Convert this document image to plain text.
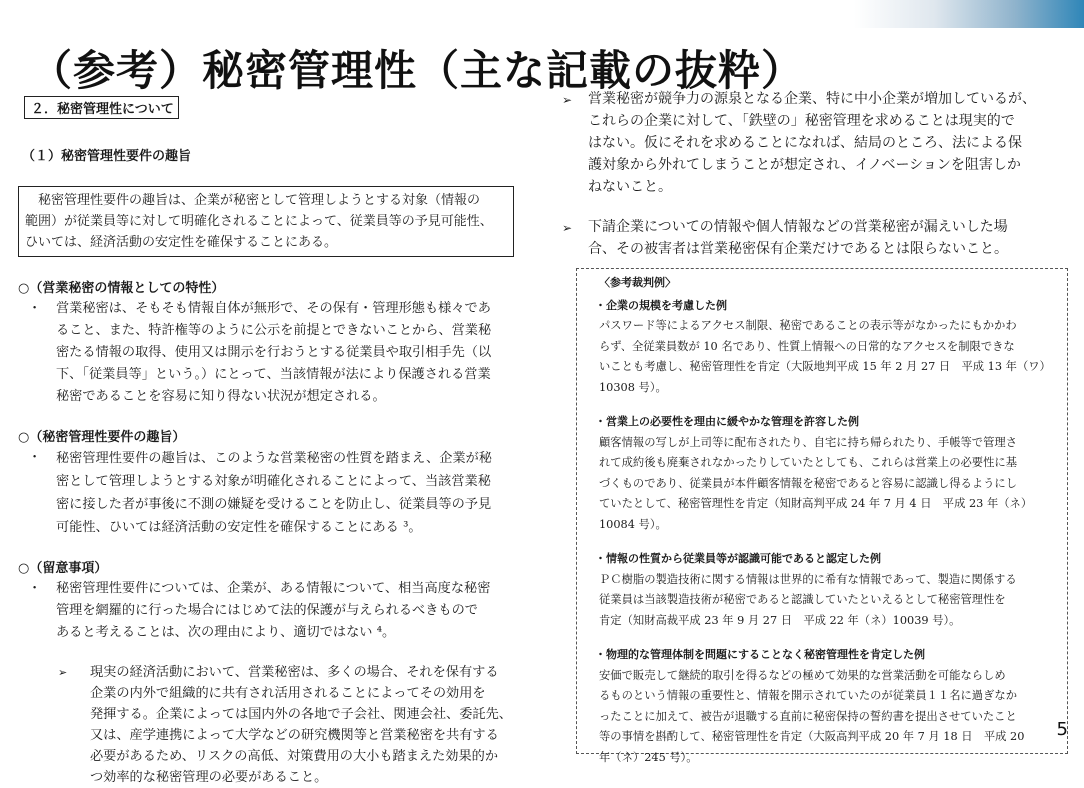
（参考）秘密管理性（主な記載の抜粋）
２．秘密管理性について
（１）秘密管理性要件の趣旨
秘密管理性要件の趣旨は、企業が秘密として管理しようとする対象（情報の
範囲）が従業員等に対して明確化されることによって、従業員等の予見可能性、
ひいては、経済活動の安定性を確保することにある。
○（営業秘密の情報としての特性）
・	営業秘密は、そもそも情報自体が無形で、その保有・管理形態も様々であ
ること、また、特許権等のように公示を前提とできないことから、営業秘
密たる情報の取得、使用又は開示を行おうとする従業員や取引相手先（以
下、「従業員等」という。）にとって、当該情報が法により保護される営業
秘密であることを容易に知り得ない状況が想定される。
○（秘密管理性要件の趣旨）
・	秘密管理性要件の趣旨は、このような営業秘密の性質を踏まえ、企業が秘
密として管理しようとする対象が明確化されることによって、当該営業秘
密に接した者が事後に不測の嫌疑を受けることを防止し、従業員等の予見
可能性、ひいては経済活動の安定性を確保することにある ³。
○（留意事項）
・	秘密管理性要件については、企業が、ある情報について、相当高度な秘密
管理を網羅的に行った場合にはじめて法的保護が与えられるべきもので
あると考えることは、次の理由により、適切ではない ⁴。
➢	現実の経済活動において、営業秘密は、多くの場合、それを保有する
企業の内外で組織的に共有され活用されることによってその効用を
発揮する。企業によっては国内外の各地で子会社、関連会社、委託先、
又は、産学連携によって大学などの研究機関等と営業秘密を共有する
必要があるため、リスクの高低、対策費用の大小も踏まえた効果的か
つ効率的な秘密管理の必要があること。
➢	営業秘密が競争力の源泉となる企業、特に中小企業が増加しているが、
これらの企業に対して、「鉄壁の」秘密管理を求めることは現実的で
はない。仮にそれを求めることになれば、結局のところ、法による保
護対象から外れてしまうことが想定され、イノベーションを阻害しか
ねないこと。
➢	下請企業についての情報や個人情報などの営業秘密が漏えいした場
合、その被害者は営業秘密保有企業だけであるとは限らないこと。
〈参考裁判例〉
・企業の規模を考慮した例
パスワード等によるアクセス制限、秘密であることの表示等がなかったにもかかわ
らず、全従業員数が 10 名であり、性質上情報への日常的なアクセスを制限できな
いことも考慮し、秘密管理性を肯定（大阪地判平成 15 年 2 月 27 日　平成 13 年（ワ）
10308 号）。
・営業上の必要性を理由に緩やかな管理を許容した例
顧客情報の写しが上司等に配布されたり、自宅に持ち帰られたり、手帳等で管理さ
れて成約後も廃棄されなかったりしていたとしても、これらは営業上の必要性に基
づくものであり、従業員が本件顧客情報を秘密であると容易に認識し得るようにし
ていたとして、秘密管理性を肯定（知財高判平成 24 年 7 月 4 日　平成 23 年（ネ）
10084 号）。
・情報の性質から従業員等が認識可能であると認定した例
ＰＣ樹脂の製造技術に関する情報は世界的に希有な情報であって、製造に関係する
従業員は当該製造技術が秘密であると認識していたといえるとして秘密管理性を
肯定（知財高裁平成 23 年 9 月 27 日　平成 22 年（ネ）10039 号）。
・物理的な管理体制を問題にすることなく秘密管理性を肯定した例
安価で販売して継続的取引を得るなどの極めて効果的な営業活動を可能ならしめ
るものという情報の重要性と、情報を開示されていたのが従業員１１名に過ぎなか
ったことに加えて、被告が退職する直前に秘密保持の誓約書を提出させていたこと
等の事情を斟酌して、秘密管理性を肯定（大阪高判平成 20 年 7 月 18 日　平成 20
年（ネ）245 号）。
5
